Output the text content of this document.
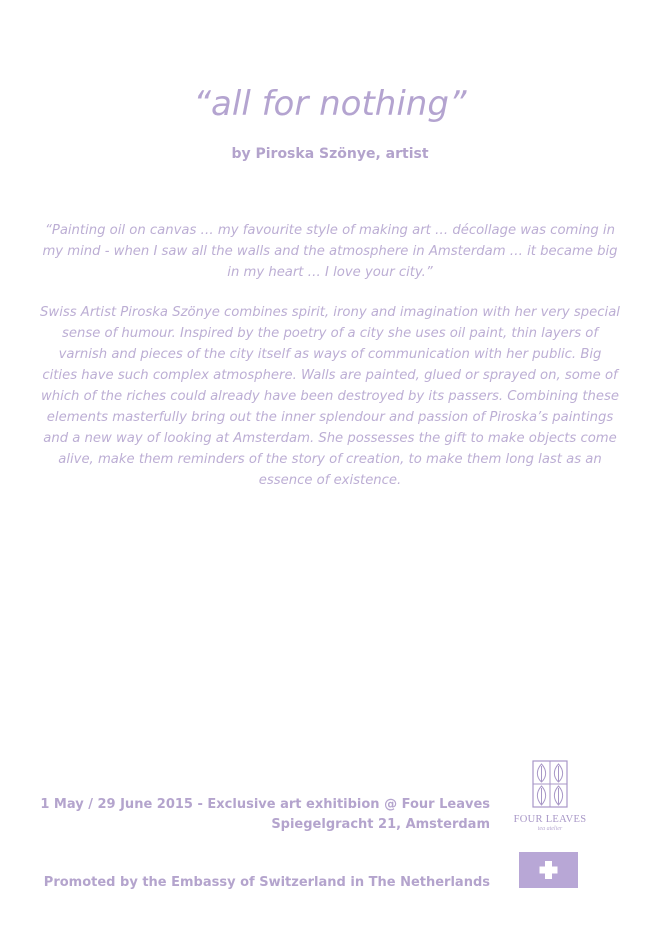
“all for nothing”

by Piroska Szönye, artist

“Painting oil on canvas … my favourite style of making art … décollage was coming in my mind - when I saw all the walls and the atmosphere in Amsterdam … it became big in my heart … I love your city.”

Swiss Artist Piroska Szönye combines spirit, irony and imagination with her very special sense of humour. Inspired by the poetry of a city she uses oil paint, thin layers of varnish and pieces of the city itself as ways of communication with her public. Big cities have such complex atmosphere. Walls are painted, glued or sprayed on, some of which of the riches could already have been destroyed by its passers. Combining these elements masterfully bring out the inner splendour and passion of Piroska’s paintings and a new way of looking at Amsterdam. She possesses the gift to make objects come alive, make them reminders of the story of creation, to make them long last as an essence of existence.

1 May / 29 June 2015 - Exclusive art exhitibion @ Four Leaves

Spiegelgracht 21, Amsterdam

Promoted by the Embassy of Switzerland in The Netherlands

FOUR LEAVES
tea atelier
